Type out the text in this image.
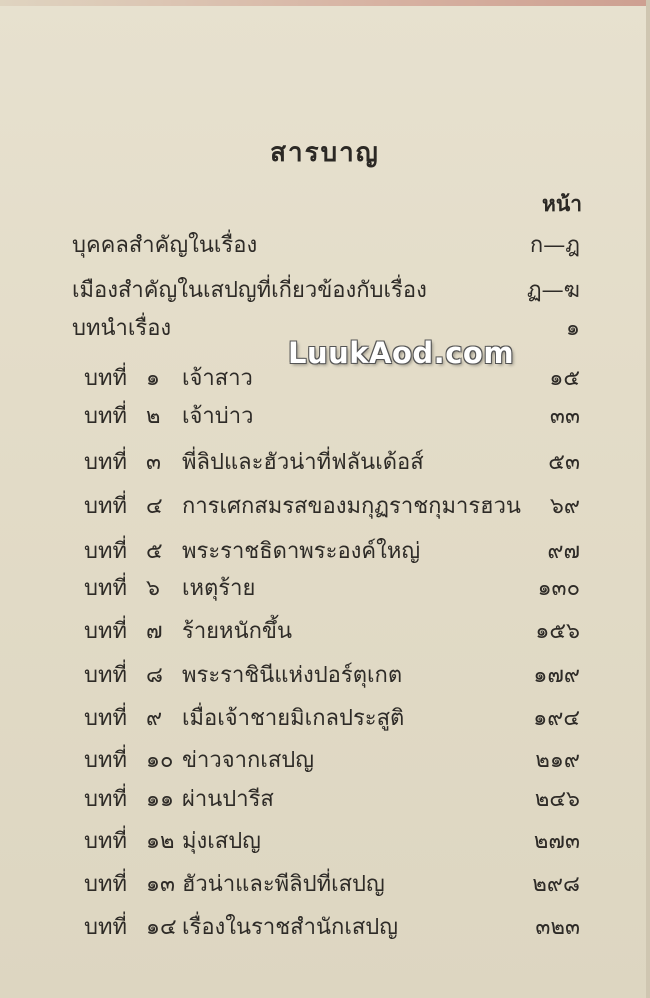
สารบาญ
หน้า
บุคคลสำคัญในเรื่อง	ก—ฎ
เมืองสำคัญในเสปญที่เกี่ยวข้องกับเรื่อง	ฏ—ฆ
บทนำเรื่อง	๑
บทที่ ๑ เจ้าสาว	๑๕
บทที่ ๒ เจ้าบ่าว	๓๓
บทที่ ๓ พี่ลิปและฮัวน่าที่ฟลันเด้อส์	๕๓
บทที่ ๔ การเศกสมรสของมกุฏราชกุมารฮวน ๖๙
บทที่ ๕ พระราชธิดาพระองค์ใหญ่	๙๗
บทที่ ๖ เหตุร้าย	๑๓๐
บทที่ ๗ ร้ายหนักขึ้น	๑๕๖
บทที่ ๘ พระราชินีแห่งปอร์ตุเกต	๑๗๙
บทที่ ๙ เมื่อเจ้าชายมิเกลประสูติ	๑๙๔
บทที่ ๑๐ ข่าวจากเสปญ	๒๑๙
บทที่ ๑๑ ผ่านปารีส	๒๔๖
บทที่ ๑๒ มุ่งเสปญ	๒๗๓
บทที่ ๑๓ ฮัวน่าและพีลิปที่เสปญ	๒๙๘
บทที่ ๑๔ เรื่องในราชสำนักเสปญ	๓๒๓
LuukAod.com
